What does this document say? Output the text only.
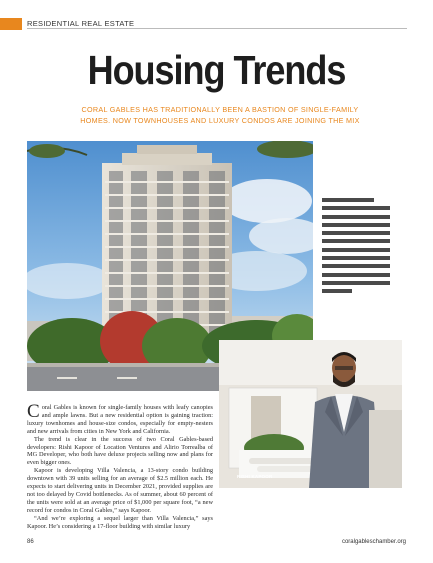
RESIDENTIAL REAL ESTATE
Housing Trends
CORAL GABLES HAS TRADITIONALLY BEEN A BASTION OF SINGLE-FAMILY
HOMES. NOW TOWNHOUSES AND LUXURY CONDOS ARE JOINING THE MIX
RISHI KAPOOR

Coral Gables is known for single-family houses with leafy canopies and ample lawns. But a new residential option is gaining traction: luxury townhomes and house-size condos, especially for empty-nesters and new arrivals from cities in New York and California.

The trend is clear in the success of two Coral Gables-based developers: Rishi Kapoor of Location Ventures and Alirio Torrealba of MG Developer, who both have deluxe projects selling now and plans for even bigger ones.

Kapoor is developing Villa Valencia, a 13-story condo building downtown with 39 units selling for an average of $2.5 million each. He expects to start delivering units in December 2021, provided supplies are not too delayed by Covid bottlenecks. As of summer, about 60 percent of the units were sold at an average price of $1,000 per square foot, “a new record for condos in Coral Gables,” says Kapoor.

“And we’re exploring a sequel larger than Villa Valencia,” says Kapoor. He’s considering a 17-floor building with similar luxury

86	coralgableschamber.org
